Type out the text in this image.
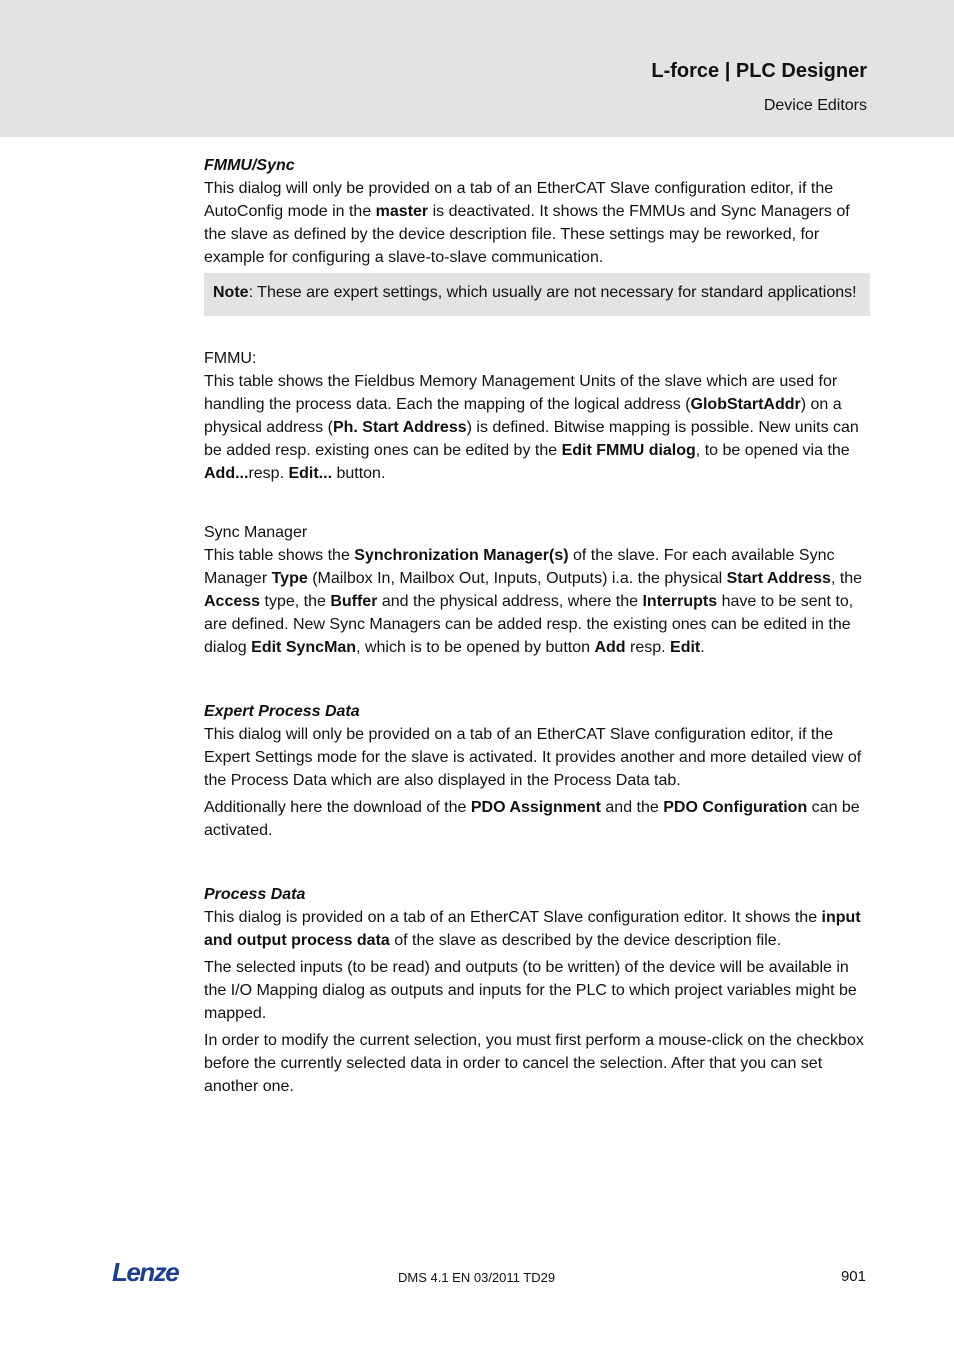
L-force | PLC Designer
Device Editors

FMMU/Sync

This dialog will only be provided on a tab of an EtherCAT Slave configuration editor, if the AutoConfig mode in the master is deactivated. It shows the FMMUs and Sync Managers of the slave as defined by the device description file. These settings may be reworked, for example for configuring a slave-to-slave communication.

Note: These are expert settings, which usually are not necessary for standard applications!

FMMU:

This table shows the Fieldbus Memory Management Units of the slave which are used for handling the process data. Each the mapping of the logical address (GlobStartAddr) on a physical address (Ph. Start Address) is defined. Bitwise mapping is possible. New units can be added resp. existing ones can be edited by the Edit FMMU dialog, to be opened via the Add...resp. Edit... button.

Sync Manager

This table shows the Synchronization Manager(s) of the slave. For each available Sync Manager Type (Mailbox In, Mailbox Out, Inputs, Outputs) i.a. the physical Start Address, the Access type, the Buffer and the physical address, where the Interrupts have to be sent to, are defined. New Sync Managers can be added resp. the existing ones can be edited in the dialog Edit SyncMan, which is to be opened by button Add resp. Edit.

Expert Process Data

This dialog will only be provided on a tab of an EtherCAT Slave configuration editor, if the Expert Settings mode for the slave is activated. It provides another and more detailed view of the Process Data which are also displayed in the Process Data tab.

Additionally here the download of the PDO Assignment and the PDO Configuration can be activated.

Process Data

This dialog is provided on a tab of an EtherCAT Slave configuration editor. It shows the input and output process data of the slave as described by the device description file.

The selected inputs (to be read) and outputs (to be written) of the device will be available in the I/O Mapping dialog as outputs and inputs for the PLC to which project variables might be mapped.

In order to modify the current selection, you must first perform a mouse-click on the checkbox before the currently selected data in order to cancel the selection. After that you can set another one.

Lenze	DMS 4.1 EN 03/2011 TD29	901
